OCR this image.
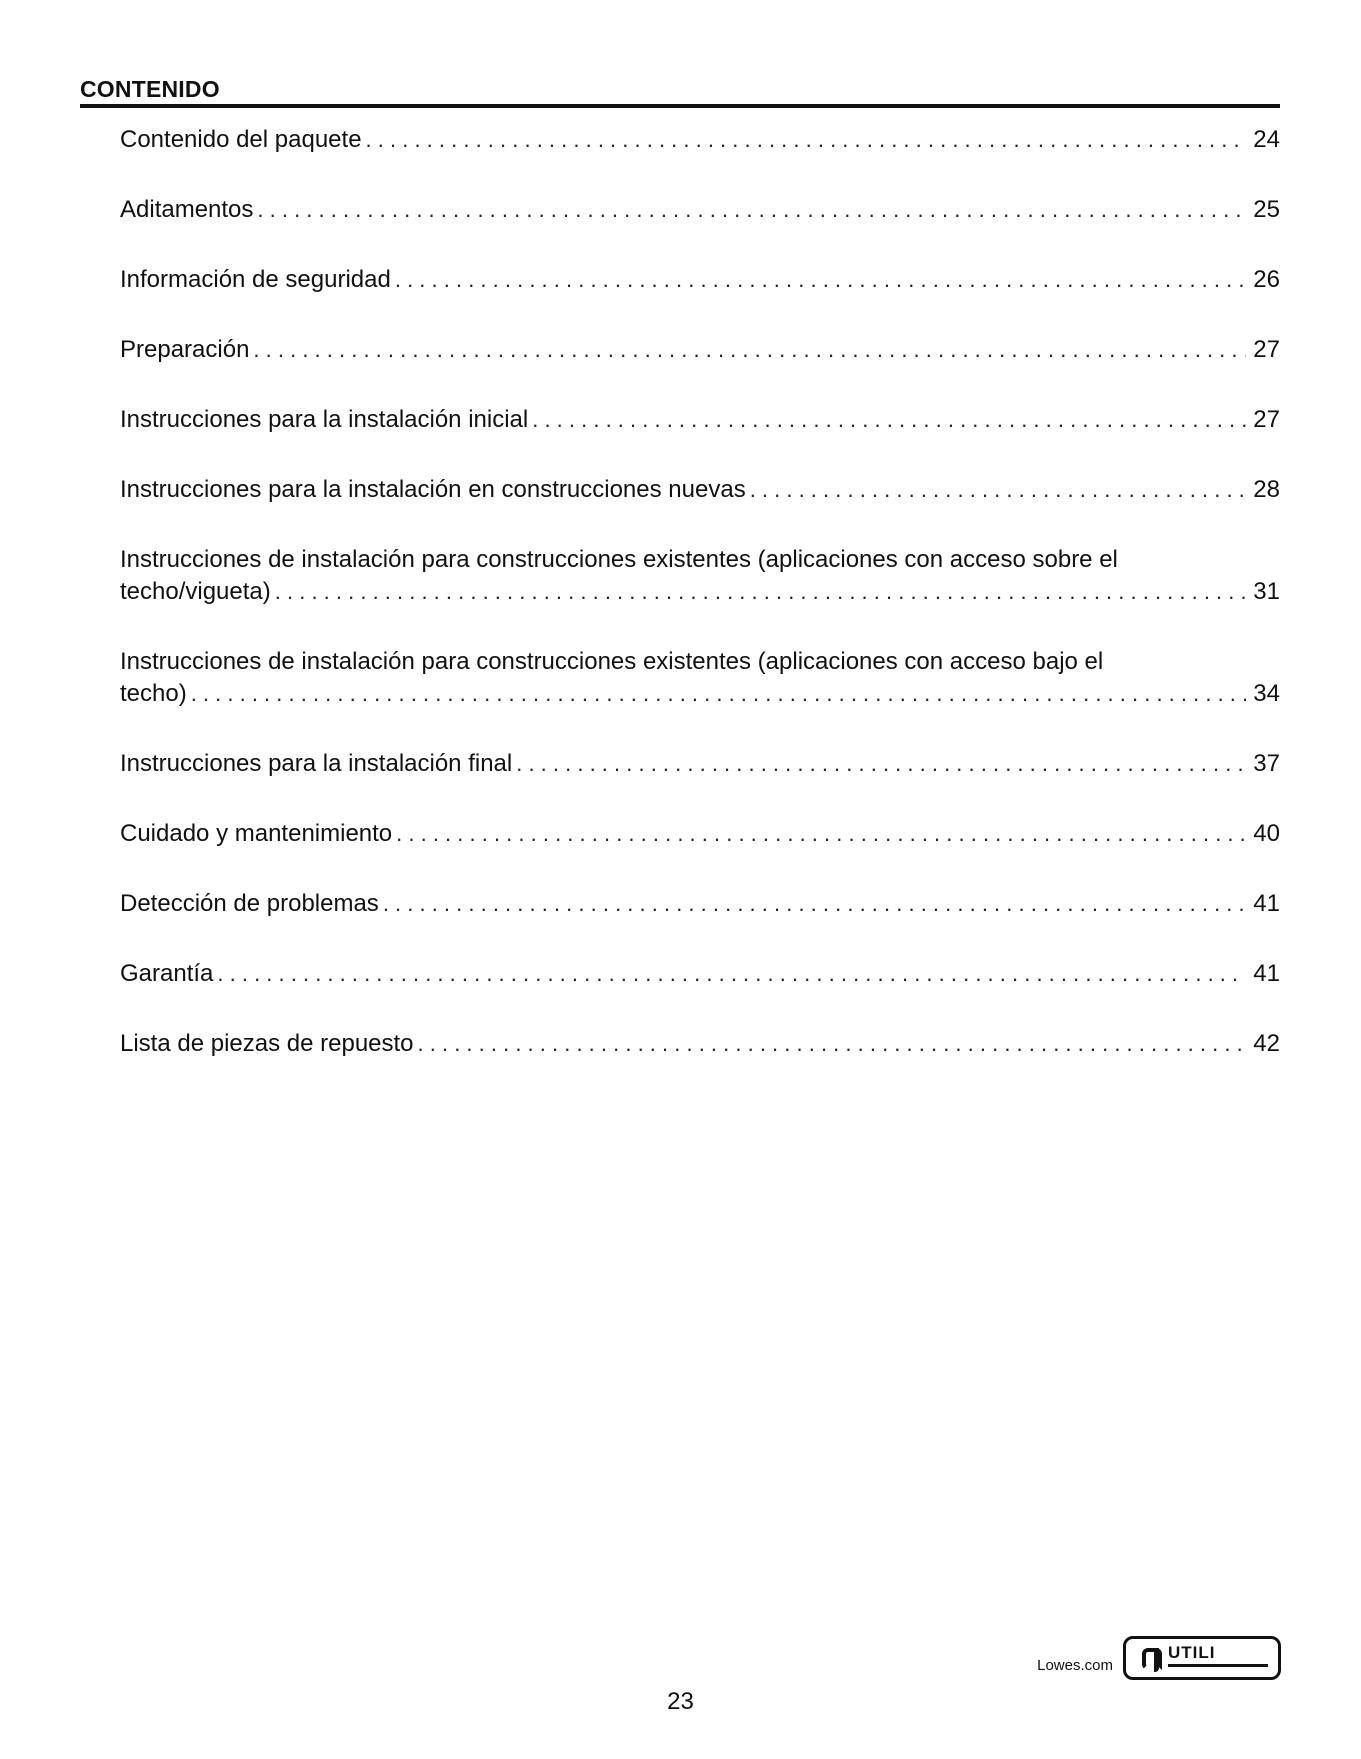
CONTENIDO
Contenido del paquete . . .	24
Aditamentos . . .	25
Información de seguridad . . .	26
Preparación . . .	27
Instrucciones para la instalación inicial . . .	27
Instrucciones para la instalación en construcciones nuevas . . .	28
Instrucciones de instalación para construcciones existentes (aplicaciones con acceso sobre el
techo/vigueta) . . .	31
Instrucciones de instalación para construcciones existentes (aplicaciones con acceso bajo el
techo) . . .	34
Instrucciones para la instalación final . . .	37
Cuidado y mantenimiento . . .	40
Detección de problemas . . .	41
Garantía . . .	41
Lista de piezas de repuesto . . .	42
Lowes.com
UTILI
23
